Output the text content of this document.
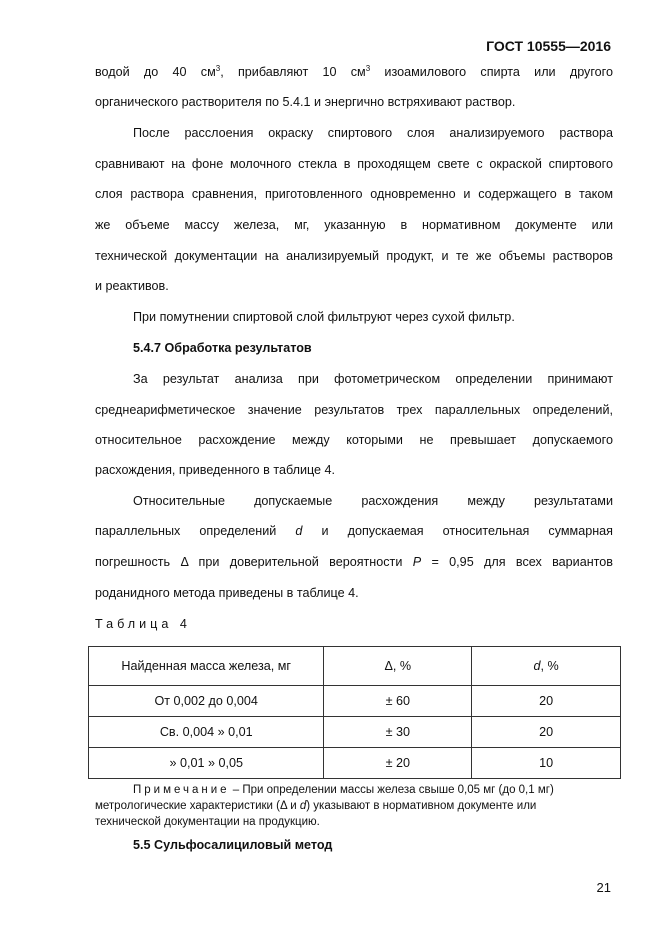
ГОСТ 10555—2016
водой до 40 $см^3$, прибавляют 10 $см^3$ изоамилового спирта или другого
органического растворителя по 5.4.1 и энергично встряхивают раствор.
После расслоения окраску спиртового слоя анализируемого раствора
сравнивают на фоне молочного стекла в проходящем свете с окраской спиртового
слоя раствора сравнения, приготовленного одновременно и содержащего в таком
же объеме массу железа, мг, указанную в нормативном документе или
технической документации на анализируемый продукт, и те же объемы растворов
и реактивов.
При помутнении спиртовой слой фильтруют через сухой фильтр.
5.4.7 Обработка результатов
За результат анализа при фотометрическом определении принимают
среднеарифметическое значение результатов трех параллельных определений,
относительное расхождение между которыми не превышает допускаемого
расхождения, приведенного в таблице 4.
Относительные допускаемые расхождения между результатами
параллельных определений d и допускаемая относительная суммарная
погрешность Δ при доверительной вероятности P = 0,95 для всех вариантов
роданидного метода приведены в таблице 4.
Таблица 4
Найденная масса железа, мг	Δ, %	d, %
От 0,002 до 0,004	± 60	20
Св. 0,004 » 0,01	± 30	20
» 0,01 » 0,05	± 20	10
Примечание – При определении массы железа свыше 0,05 мг (до 0,1 мг)
метрологические характеристики (Δ и d) указывают в нормативном документе или
технической документации на продукцию.
5.5 Сульфосалициловый метод
21
